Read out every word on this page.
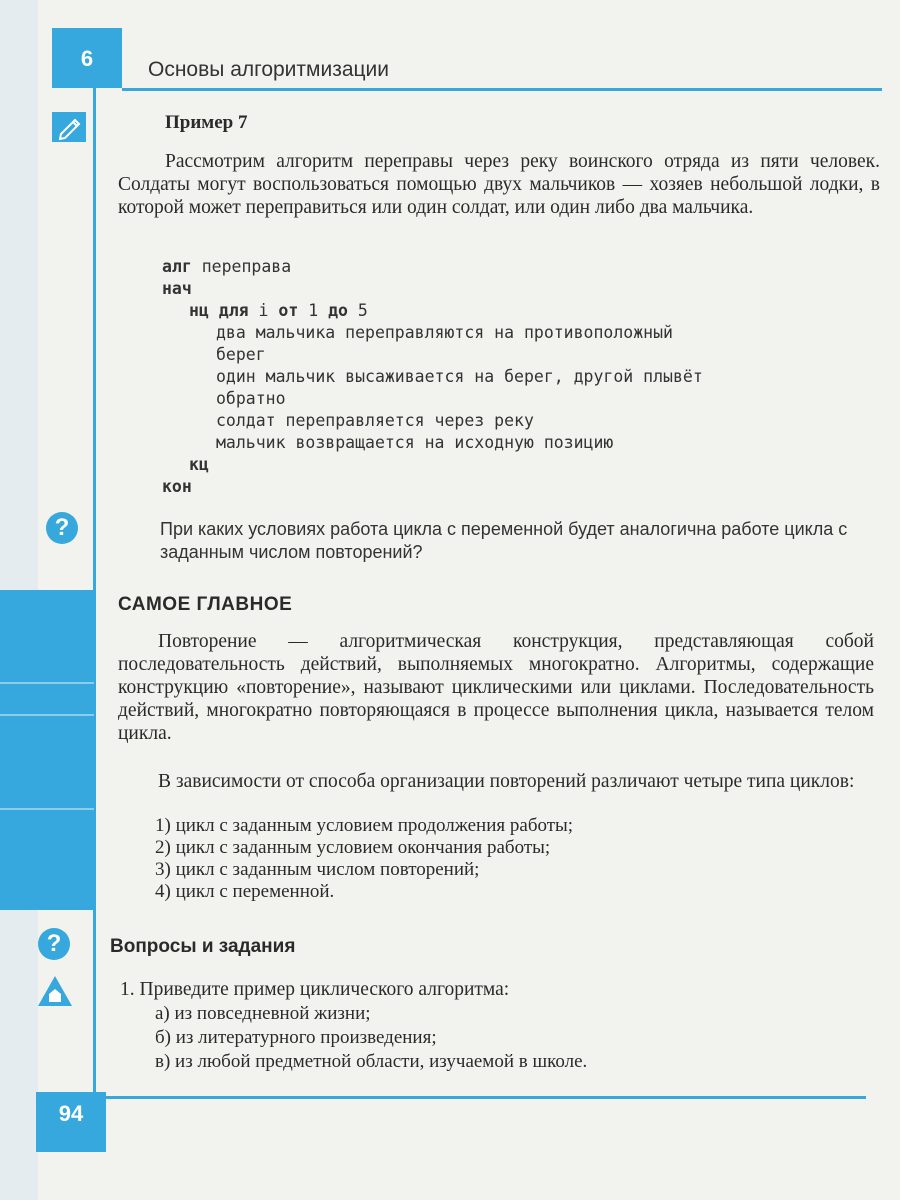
6	Основы алгоритмизации
Пример 7

Рассмотрим алгоритм переправы через реку воинского отряда из пяти человек. Солдаты могут воспользоваться помощью двух мальчиков — хозяев небольшой лодки, в которой может переправиться или один солдат, или один либо два мальчика.

алг переправа
нач
нц для i от 1 до 5
два мальчика переправляются на противоположный
берег
один мальчик высаживается на берег, другой плывёт
обратно
солдат переправляется через реку
мальчик возвращается на исходную позицию
кц
кон
?	При каких условиях работа цикла с переменной будет аналогична работе цикла с заданным числом повторений?
САМОЕ ГЛАВНОЕ

Повторение — алгоритмическая конструкция, представляющая собой последовательность действий, выполняемых многократно. Алгоритмы, содержащие конструкцию «повторение», называют циклическими или циклами. Последовательность действий, многократно повторяющаяся в процессе выполнения цикла, называется телом цикла.

В зависимости от способа организации повторений различают четыре типа циклов:

1) цикл с заданным условием продолжения работы;
2) цикл с заданным условием окончания работы;
3) цикл с заданным числом повторений;
4) цикл с переменной.
?	Вопросы и задания
1. Приведите пример циклического алгоритма:
а) из повседневной жизни;
б) из литературного произведения;
в) из любой предметной области, изучаемой в школе.
94
